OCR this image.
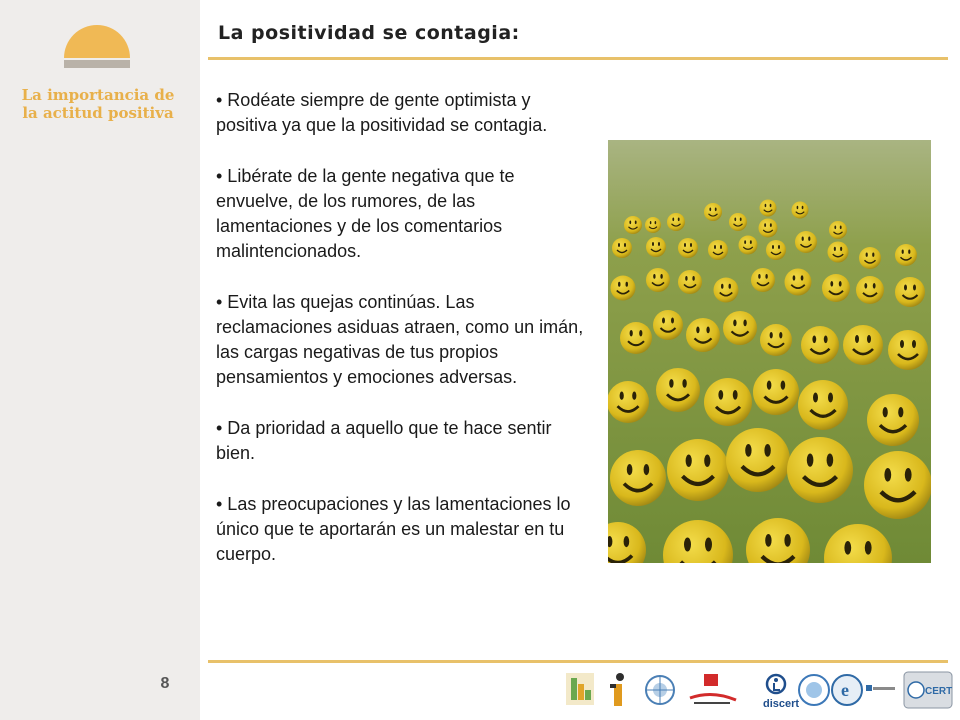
La importancia de
la actitud positiva
8
La positividad se contagia:
• Rodéate siempre de gente optimista y positiva ya que la positividad se contagia.
• Libérate de la gente negativa que te envuelve, de los rumores, de las lamentaciones y de los comentarios malintencionados.
• Evita las quejas continúas. Las reclamaciones asiduas atraen, como un imán, las cargas negativas de tus propios pensamientos y emociones adversas.
• Da prioridad a aquello que te hace sentir bien.
• Las preocupaciones y las lamentaciones lo único que te aportarán es un malestar en tu cuerpo.
discert
e	CERT
